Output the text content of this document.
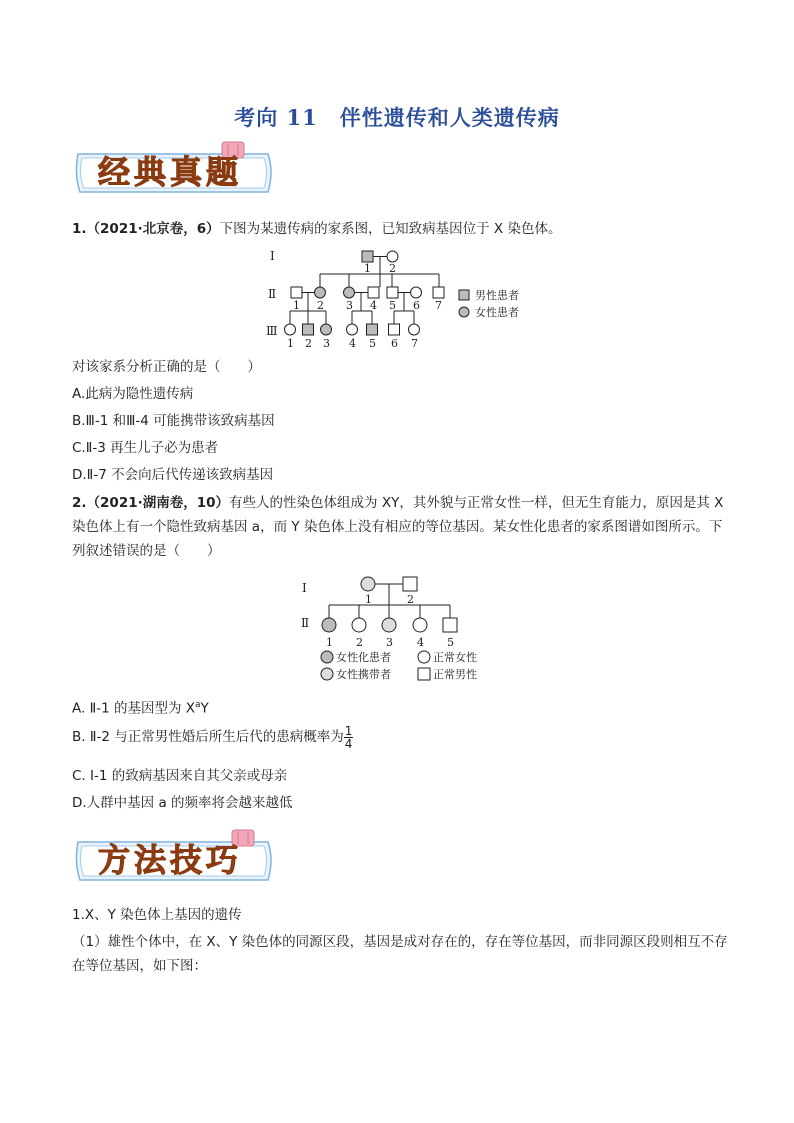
考向 11　伴性遗传和人类遗传病
经典真题
1.（2021·北京卷，6）下图为某遗传病的家系图，已知致病基因位于 X 染色体。
Ⅰ
Ⅱ
Ⅲ
1 2
1 2 3 4 5 6 7
1 2 3 4 5 6 7
男性患者
女性患者
对该家系分析正确的是（　　）
A.此病为隐性遗传病
B.Ⅲ-1 和Ⅲ-4 可能携带该致病基因
C.Ⅱ-3 再生儿子必为患者
D.Ⅱ-7 不会向后代传递该致病基因
2.（2021·湖南卷，10）有些人的性染色体组成为 XY，其外貌与正常女性一样，但无生育能力，原因是其 X 染色体上有一个隐性致病基因 a，而 Y 染色体上没有相应的等位基因。某女性化患者的家系图谱如图所示。下列叙述错误的是（　　）
Ⅰ
Ⅱ
1	2
1 2 3 4 5
女性化患者	正常女性
女性携带者	正常男性
A. Ⅱ-1 的基因型为 $X^aY$
B. Ⅱ-2 与正常男性婚后所生后代的患病概率为 $\frac{1}{4}$
C. Ⅰ-1 的致病基因来自其父亲或母亲
D.人群中基因 a 的频率将会越来越低
方法技巧
1.X、Y 染色体上基因的遗传
（1）雄性个体中，在 X、Y 染色体的同源区段，基因是成对存在的，存在等位基因，而非同源区段则相互不存在等位基因，如下图：
